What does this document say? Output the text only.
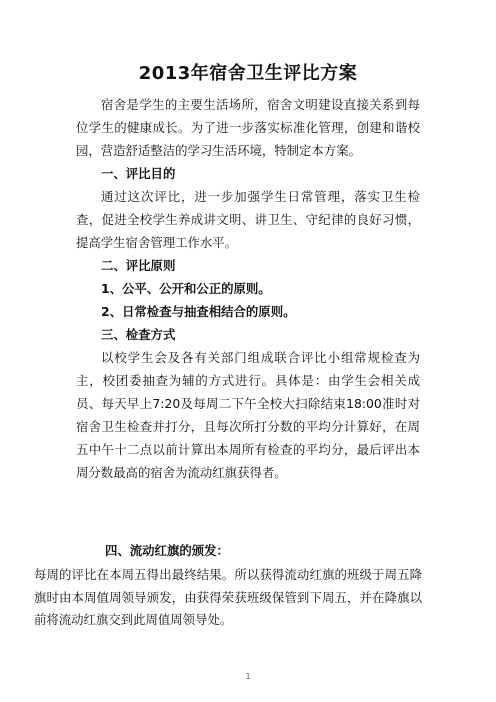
2013年宿舍卫生评比方案
宿舍是学生的主要生活场所，宿舍文明建设直接关系到每位学生的健康成长。为了进一步落实标准化管理，创建和谐校园，营造舒适整洁的学习生活环境，特制定本方案。
一、评比目的
通过这次评比，进一步加强学生日常管理，落实卫生检查，促进全校学生养成讲文明、讲卫生、守纪律的良好习惯，提高学生宿舍管理工作水平。
二、评比原则
1、公平、公开和公正的原则。
2、日常检查与抽查相结合的原则。
三、检查方式
以校学生会及各有关部门组成联合评比小组常规检查为主，校团委抽查为辅的方式进行。具体是：由学生会相关成员、每天早上7:20及每周二下午全校大扫除结束18:00准时对宿舍卫生检查并打分，且每次所打分数的平均分计算好，在周五中午十二点以前计算出本周所有检查的平均分，最后评出本周分数最高的宿舍为流动红旗获得者。
四、流动红旗的颁发：
每周的评比在本周五得出最终结果。所以获得流动红旗的班级于周五降旗时由本周值周领导颁发，由获得荣获班级保管到下周五，并在降旗以前将流动红旗交到此周值周领导处。
1
